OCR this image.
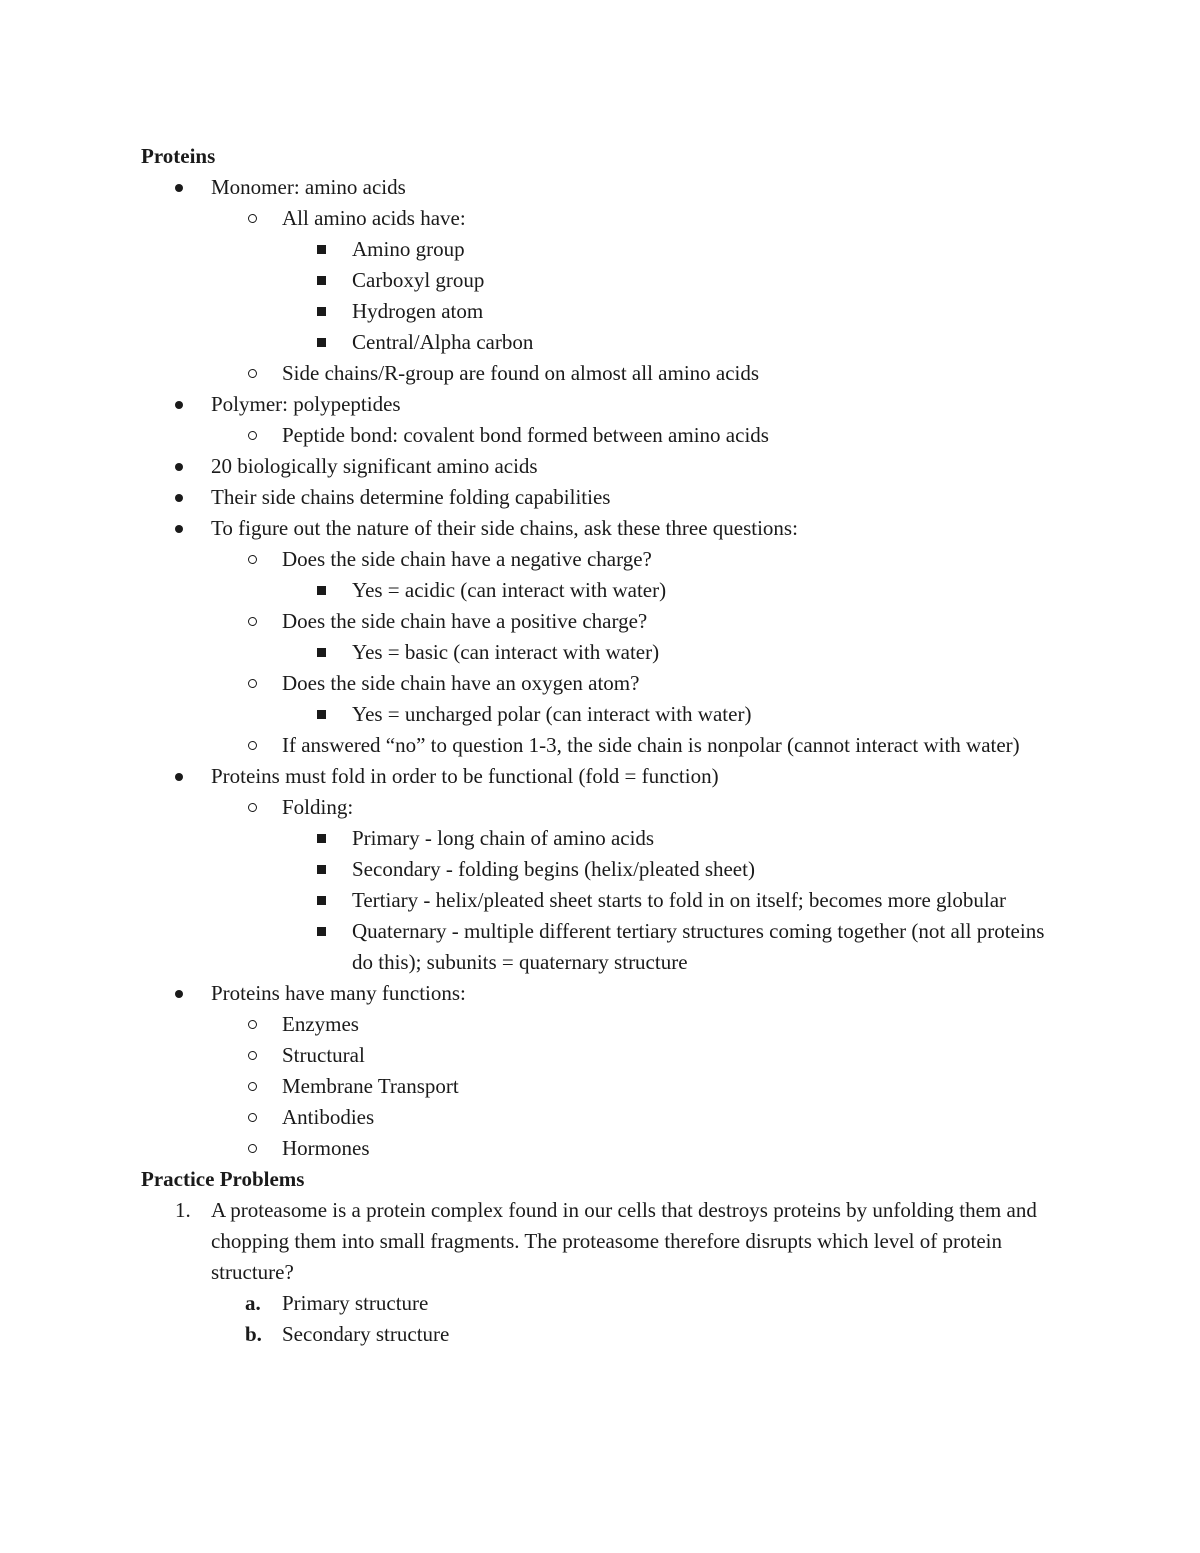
Proteins
Monomer: amino acids
All amino acids have:
Amino group
Carboxyl group
Hydrogen atom
Central/Alpha carbon
Side chains/R-group are found on almost all amino acids
Polymer: polypeptides
Peptide bond: covalent bond formed between amino acids
20 biologically significant amino acids
Their side chains determine folding capabilities
To figure out the nature of their side chains, ask these three questions:
Does the side chain have a negative charge?
Yes = acidic (can interact with water)
Does the side chain have a positive charge?
Yes = basic (can interact with water)
Does the side chain have an oxygen atom?
Yes = uncharged polar (can interact with water)
If answered “no” to question 1-3, the side chain is nonpolar (cannot interact with water)
Proteins must fold in order to be functional (fold = function)
Folding:
Primary - long chain of amino acids
Secondary - folding begins (helix/pleated sheet)
Tertiary - helix/pleated sheet starts to fold in on itself; becomes more globular
Quaternary - multiple different tertiary structures coming together (not all proteins do this); subunits = quaternary structure
Proteins have many functions:
Enzymes
Structural
Membrane Transport
Antibodies
Hormones
Practice Problems
1. A proteasome is a protein complex found in our cells that destroys proteins by unfolding them and chopping them into small fragments. The proteasome therefore disrupts which level of protein structure?
a. Primary structure
b. Secondary structure
